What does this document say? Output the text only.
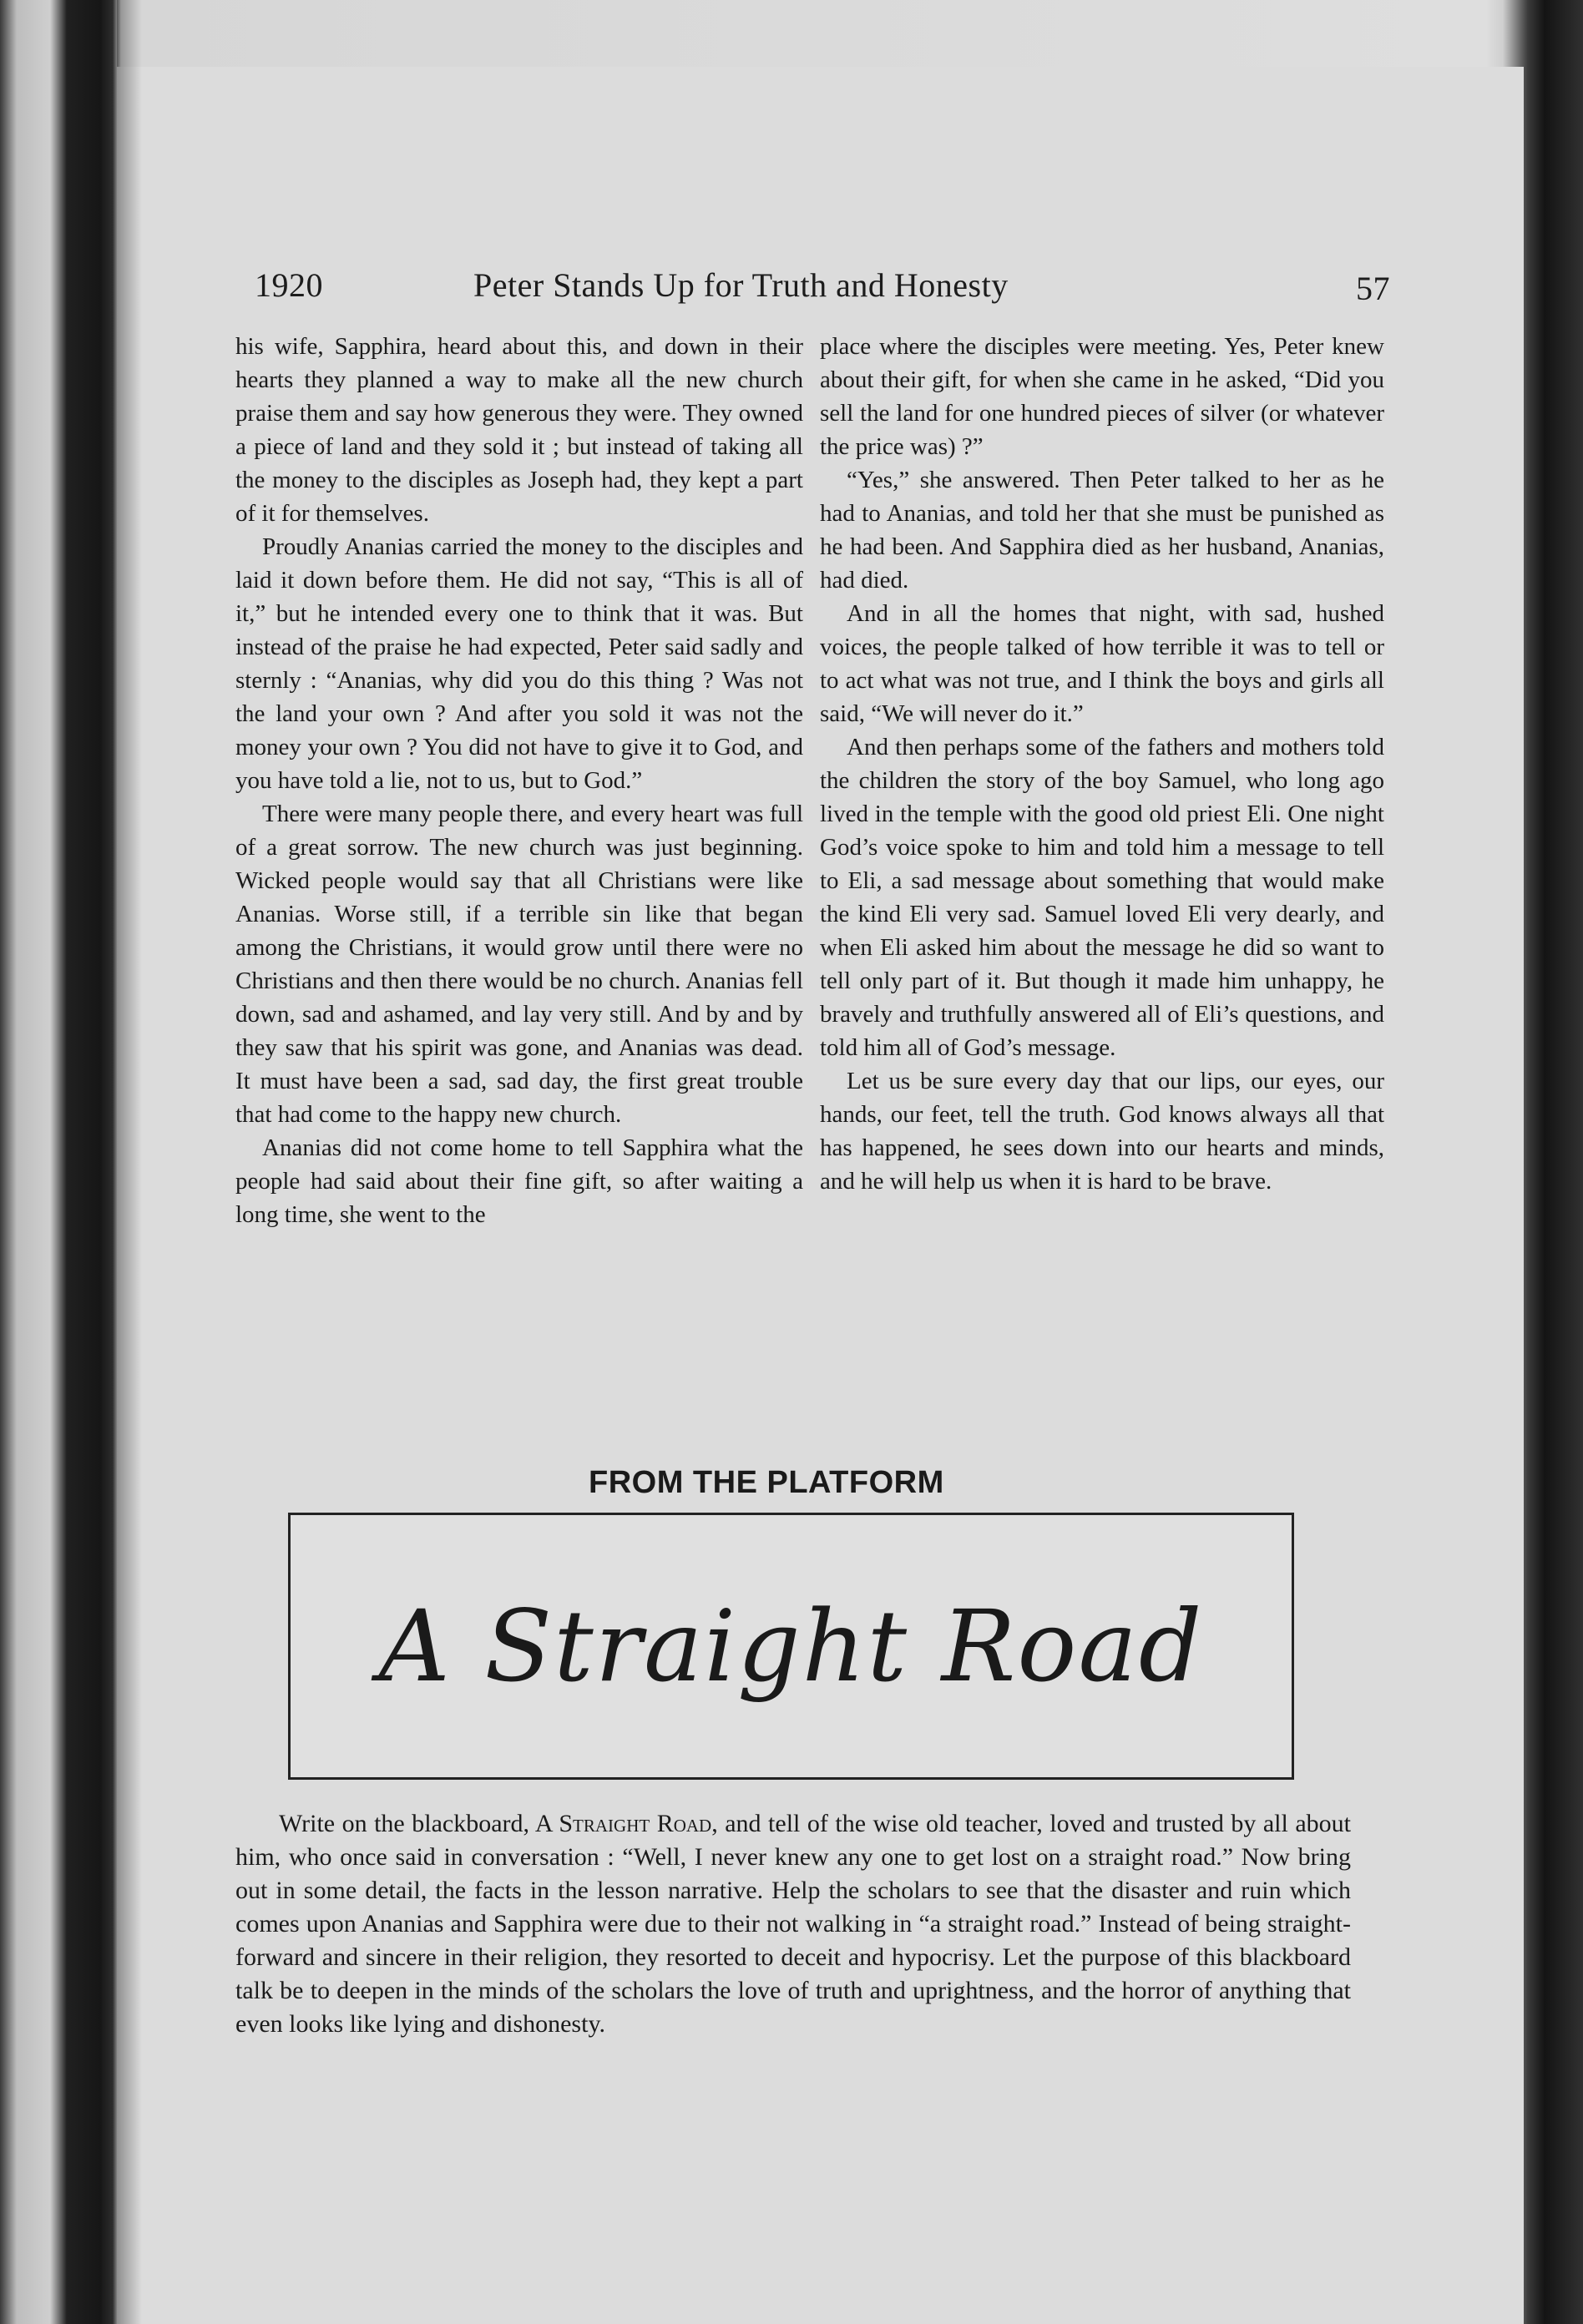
1920	Peter Stands Up for Truth and Honesty	57

his wife, Sapphira, heard about this, and down in their hearts they planned a way to make all the new church praise them and say how generous they were. They owned a piece of land and they sold it ; but instead of taking all the money to the disciples as Joseph had, they kept a part of it for themselves.

Proudly Ananias carried the money to the disciples and laid it down before them. He did not say, “This is all of it,” but he intended every one to think that it was. But instead of the praise he had expected, Peter said sadly and sternly : “Ananias, why did you do this thing ? Was not the land your own ? And after you sold it was not the money your own ? You did not have to give it to God, and you have told a lie, not to us, but to God.”

There were many people there, and every heart was full of a great sorrow. The new church was just beginning. Wicked people would say that all Christians were like Ananias. Worse still, if a terrible sin like that began among the Christians, it would grow until there were no Christians and then there would be no church. Ananias fell down, sad and ashamed, and lay very still. And by and by they saw that his spirit was gone, and Ananias was dead. It must have been a sad, sad day, the first great trouble that had come to the happy new church.

Ananias did not come home to tell Sapphira what the people had said about their fine gift, so after waiting a long time, she went to the

place where the disciples were meeting. Yes, Peter knew about their gift, for when she came in he asked, “Did you sell the land for one hundred pieces of silver (or whatever the price was) ?”

“Yes,” she answered. Then Peter talked to her as he had to Ananias, and told her that she must be punished as he had been. And Sapphira died as her husband, Ananias, had died.

And in all the homes that night, with sad, hushed voices, the people talked of how terrible it was to tell or to act what was not true, and I think the boys and girls all said, “We will never do it.”

And then perhaps some of the fathers and mothers told the children the story of the boy Samuel, who long ago lived in the temple with the good old priest Eli. One night God’s voice spoke to him and told him a message to tell to Eli, a sad message about something that would make the kind Eli very sad. Samuel loved Eli very dearly, and when Eli asked him about the message he did so want to tell only part of it. But though it made him unhappy, he bravely and truthfully answered all of Eli’s questions, and told him all of God’s message.

Let us be sure every day that our lips, our eyes, our hands, our feet, tell the truth. God knows always all that has happened, he sees down into our hearts and minds, and he will help us when it is hard to be brave.

FROM THE PLATFORM
A Straight Road

Write on the blackboard, A Straight Road, and tell of the wise old teacher, loved and trusted by all about him, who once said in conversation : “Well, I never knew any one to get lost on a straight road.” Now bring out in some detail, the facts in the lesson narrative. Help the scholars to see that the disaster and ruin which comes upon Ananias and Sapphira were due to their not walking in “a straight road.” Instead of being straight-forward and sincere in their religion, they resorted to deceit and hypocrisy. Let the purpose of this blackboard talk be to deepen in the minds of the scholars the love of truth and uprightness, and the horror of anything that even looks like lying and dishonesty.
